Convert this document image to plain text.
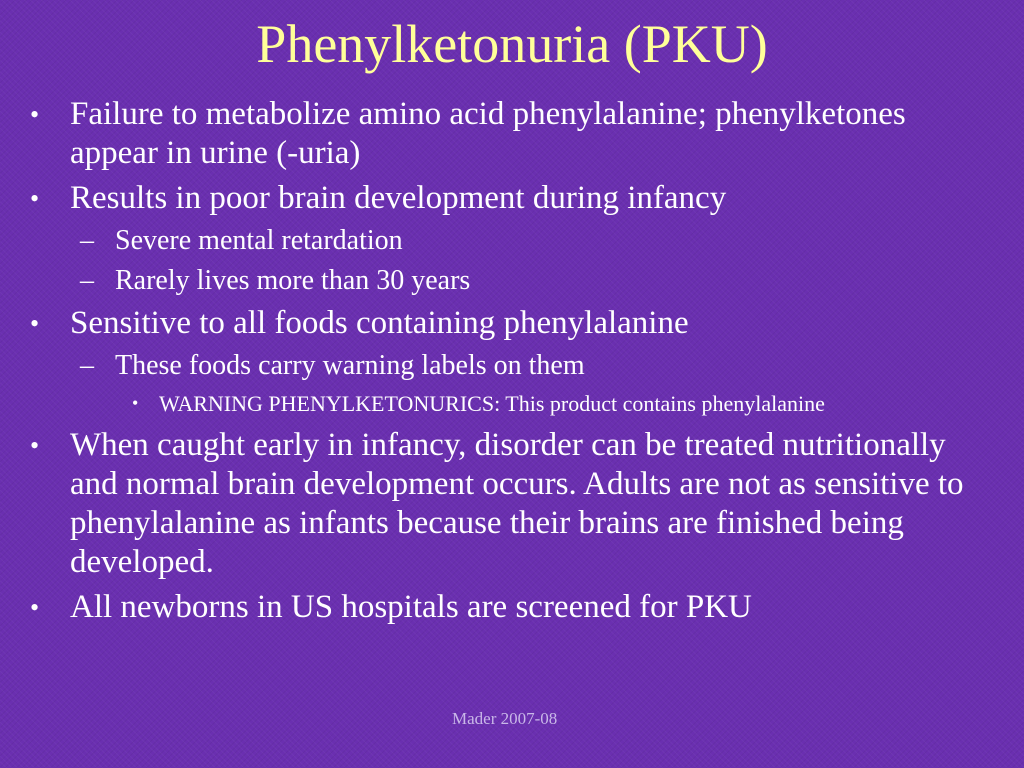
Phenylketonuria (PKU)
• Failure to metabolize amino acid phenylalanine; phenylketones appear in urine (-uria)
• Results in poor brain development during infancy
– Severe mental retardation
– Rarely lives more than 30 years
• Sensitive to all foods containing phenylalanine
– These foods carry warning labels on them
• WARNING PHENYLKETONURICS: This product contains phenylalanine
• When caught early in infancy, disorder can be treated nutritionally and normal brain development occurs. Adults are not as sensitive to phenylalanine as infants because their brains are finished being developed.
• All newborns in US hospitals are screened for PKU
Mader 2007-08
